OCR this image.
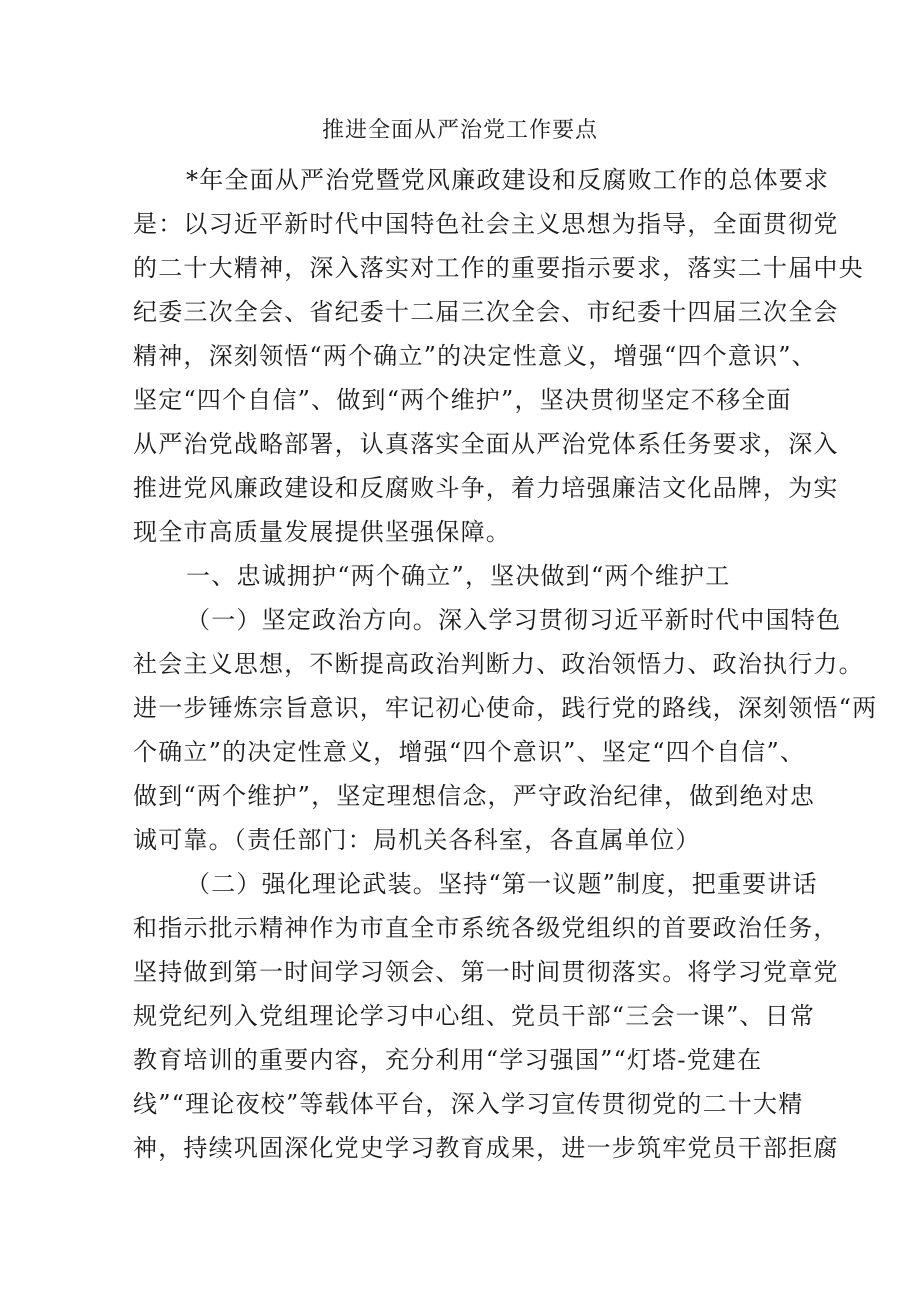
推进全面从严治党工作要点
*年全面从严治党暨党风廉政建设和反腐败工作的总体要求
是：以习近平新时代中国特色社会主义思想为指导，全面贯彻党
的二十大精神，深入落实对工作的重要指示要求，落实二十届中央
纪委三次全会、省纪委十二届三次全会、市纪委十四届三次全会
精神，深刻领悟“两个确立”的决定性意义，增强“四个意识”、
坚定“四个自信”、做到“两个维护”，坚决贯彻坚定不移全面
从严治党战略部署，认真落实全面从严治党体系任务要求，深入
推进党风廉政建设和反腐败斗争，着力培强廉洁文化品牌，为实
现全市高质量发展提供坚强保障。
一、忠诚拥护“两个确立”，坚决做到“两个维护工
（一）坚定政治方向。深入学习贯彻习近平新时代中国特色
社会主义思想，不断提高政治判断力、政治领悟力、政治执行力。
进一步锤炼宗旨意识，牢记初心使命，践行党的路线，深刻领悟“两
个确立”的决定性意义，增强“四个意识”、坚定“四个自信”、
做到“两个维护”，坚定理想信念，严守政治纪律，做到绝对忠
诚可靠。（责任部门：局机关各科室，各直属单位）
（二）强化理论武装。坚持“第一议题”制度，把重要讲话
和指示批示精神作为市直全市系统各级党组织的首要政治任务，
坚持做到第一时间学习领会、第一时间贯彻落实。将学习党章党
规党纪列入党组理论学习中心组、党员干部“三会一课”、日常
教育培训的重要内容，充分利用“学习强国”“灯塔-党建在
线”“理论夜校”等载体平台，深入学习宣传贯彻党的二十大精
神，持续巩固深化党史学习教育成果，进一步筑牢党员干部拒腐
